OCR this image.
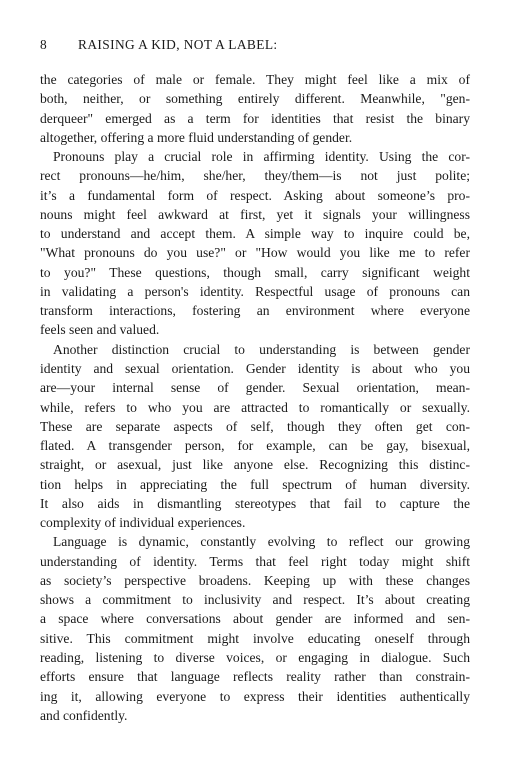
8 RAISING A KID, NOT A LABEL:
the categories of male or female. They might feel like a mix of
both, neither, or something entirely different. Meanwhile, "gen-
derqueer" emerged as a term for identities that resist the binary
altogether, offering a more fluid understanding of gender.
Pronouns play a crucial role in affirming identity. Using the cor-
rect pronouns—he/him, she/her, they/them—is not just polite;
it’s a fundamental form of respect. Asking about someone’s pro-
nouns might feel awkward at first, yet it signals your willingness
to understand and accept them. A simple way to inquire could be,
"What pronouns do you use?" or "How would you like me to refer
to you?" These questions, though small, carry significant weight
in validating a person's identity. Respectful usage of pronouns can
transform interactions, fostering an environment where everyone
feels seen and valued.
Another distinction crucial to understanding is between gender
identity and sexual orientation. Gender identity is about who you
are—your internal sense of gender. Sexual orientation, mean-
while, refers to who you are attracted to romantically or sexually.
These are separate aspects of self, though they often get con-
flated. A transgender person, for example, can be gay, bisexual,
straight, or asexual, just like anyone else. Recognizing this distinc-
tion helps in appreciating the full spectrum of human diversity.
It also aids in dismantling stereotypes that fail to capture the
complexity of individual experiences.
Language is dynamic, constantly evolving to reflect our growing
understanding of identity. Terms that feel right today might shift
as society’s perspective broadens. Keeping up with these changes
shows a commitment to inclusivity and respect. It’s about creating
a space where conversations about gender are informed and sen-
sitive. This commitment might involve educating oneself through
reading, listening to diverse voices, or engaging in dialogue. Such
efforts ensure that language reflects reality rather than constrain-
ing it, allowing everyone to express their identities authentically
and confidently.
